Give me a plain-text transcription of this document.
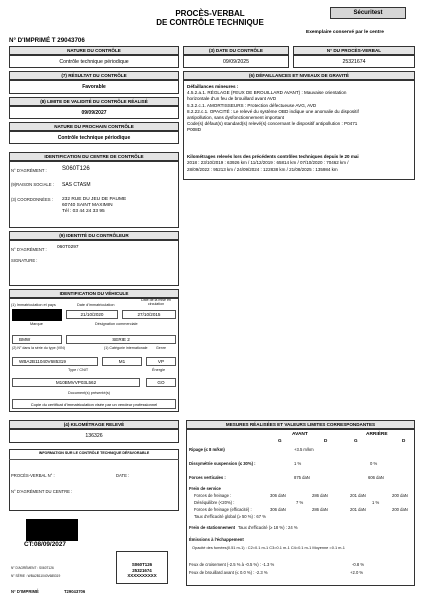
PROCÈS-VERBAL
DE CONTRÔLE TECHNIQUE
Sécuritest
Exemplaire conservé par le centre
N° D'IMPRIMÉ T 29043706
NATURE DU CONTRÔLE
Contrôle technique périodique
(3) DATE DU CONTRÔLE
09/09/2025
N° DU PROCÈS-VERBAL
25321674
(7) RÉSULTAT DU CONTRÔLE
Favorable
(8) LIMITE DE VALIDITÉ DU CONTRÔLE RÉALISÉ
09/09/2027
NATURE DU PROCHAIN CONTRÔLE
Contrôle technique périodique
(6) DÉFAILLANCES ET NIVEAUX DE GRAVITÉ
Défaillances mineures :
4.5.2.a.1. RÉGLAGE (FEUX DE BROUILLARD AVANT) : Mauvaise orientation
horizontale d'un feu de brouillard avant AVD
5.3.2.c.1. AMORTISSEURS : Protection défectueuse AVG, AVD
8.2.22.c.1. OPACITÉ : Le relevé du système OBD indique une anomalie du dispositif
antipollution, sans dysfonctionnement important
Code(s) défaut(s) standard(s) relevé(s) concernant le dispositif antipollution : P0471
P008D
Kilométrages relevés lors des précédents contrôles techniques depuis le 20 mai
2018 : 23/10/2019 : 63926 km / 11/12/2019 : 65814 km / 07/10/2020 : 70462 km /
28/09/2022 : 95213 km / 24/09/2024 : 122838 km / 21/08/2025 : 135984 km
IDENTIFICATION DU CENTRE DE CONTRÔLE
N° D'AGRÉMENT :	S060T126
(9)RAISON SOCIALE : SAS CTASM
(3) COORDONNÉES : 232 RUE DU JEU DE PAUME
60740 SAINT MAXIMIN
Tél : 03 44 24 33 95
(9) IDENTITÉ DU CONTRÔLEUR
N° D'AGRÉMENT : 060T0297
SIGNATURE :
IDENTIFICATION DU VÉHICULE
(1) Immatriculation et pays	Date d'immatriculation
Date de la mise en circulation
21/10/2020	27/10/2015
Marque	Désignation commerciale
BMW	SERIE 2
(2) N° dans la série du type (VIN)	(1) Catégorie internationale Genre
WBA2B11040V685319	M1	VP
Type / CNIT	Énergie
M10BMVVP03L562	GO
Document(s) présenté(s)
Copie du certificat d'immatriculation visée par un vendeur professionnel
(4) KILOMÉTRAGE RELEVÉ
136326
INFORMATION SUR LE CONTRÔLE TECHNIQUE DÉFAVORABLE
PROCÈS-VERBAL N° :	DATE :
N° D'AGRÉMENT DU CENTRE :
CT:08/09/2027
N° D'AGRÉMENT : S060T126
N° SÉRIE : WBA2B11040V685319
N° D'IMPRIMÉ	T29043706
S060T126
25321674
XXXXXXXXXX
MESURES RÉALISÉES ET VALEURS LIMITES CORRESPONDANTES
AVANT	ARRIÈRE
G	D	G	D
Ripage (≤ 8 m/km)	+3.5 m/km
Dissymétrie suspension (≤ 30%) :	1 %	0 %
Forces verticales :	875 daN	606 daN
Frein de service
Forces de freinage :	306 daN	286 daN	201 daN	200 daN
Déséquilibre (<20%) :	7 %	1 %
Forces de freinage (efficacité) :	306 daN	286 daN	201 daN	200 daN
Taux d'efficacité global (≥ 50 %) : 67 %
Frein de stationnement Taux d'efficacité (≥ 18 %) : 24 %
Émissions à l'échappement
Opacité des fumées(0.51 m-1) : C2=0.1 m-1 C3=0.1 m-1 C4=0.1 m-1 Moyenne =0.1 m-1
Feux de croisement (-2.5 % à -0.5 %) : -1.3 %	-0.8 %
Feux de brouillard avant (≤ 0.0 %) : -2.3 %	+2.0 %
